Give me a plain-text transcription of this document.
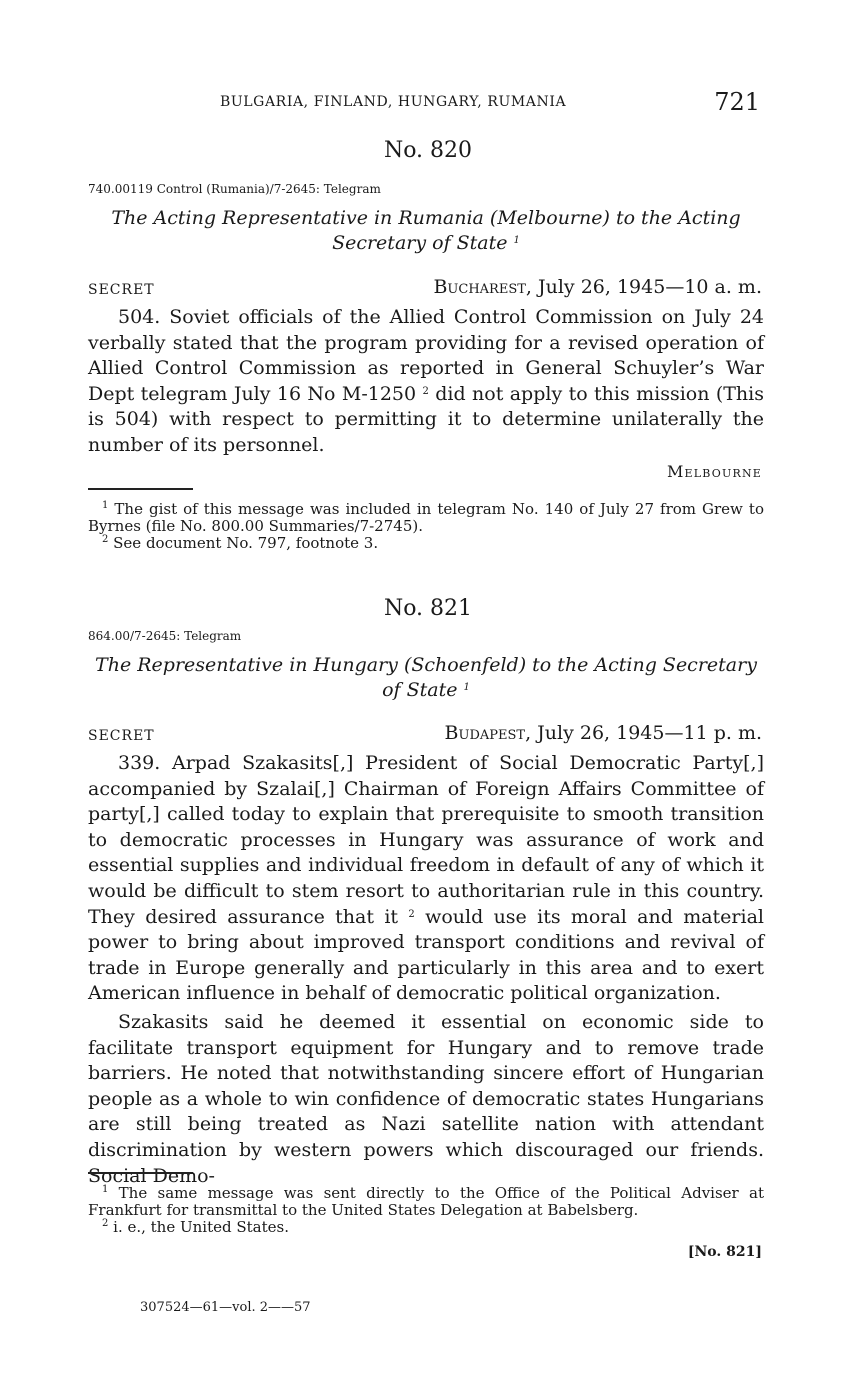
BULGARIA, FINLAND, HUNGARY, RUMANIA	721
No. 820
740.00119 Control (Rumania)/7-2645: Telegram
The Acting Representative in Rumania (Melbourne) to the Acting
Secretary of State $^1$
SECRET	Bucharest, July 26, 1945—10 a. m.

504. Soviet officials of the Allied Control Commission on July 24 verbally stated that the program providing for a revised operation of Allied Control Commission as reported in General Schuyler’s War Dept telegram July 16 No M-1250 $^2$ did not apply to this mission (This is 504) with respect to permitting it to determine unilaterally the number of its personnel.

Melbourne

$^1$ The gist of this message was included in telegram No. 140 of July 27 from Grew to Byrnes (file No. 800.00 Summaries/7-2745).

$^2$ See document No. 797, footnote 3.

No. 821
864.00/7-2645: Telegram
The Representative in Hungary (Schoenfeld) to the Acting Secretary
of State $^1$
SECRET	Budapest, July 26, 1945—11 p. m.

339. Arpad Szakasits[,] President of Social Democratic Party[,] accompanied by Szalai[,] Chairman of Foreign Affairs Committee of party[,] called today to explain that prerequisite to smooth transition to democratic processes in Hungary was assurance of work and essential supplies and individual freedom in default of any of which it would be difficult to stem resort to authoritarian rule in this country. They desired assurance that it $^2$ would use its moral and material power to bring about improved transport conditions and revival of trade in Europe generally and particularly in this area and to exert American influence in behalf of democratic political organization.

Szakasits said he deemed it essential on economic side to facilitate transport equipment for Hungary and to remove trade barriers. He noted that notwithstanding sincere effort of Hungarian people as a whole to win confidence of democratic states Hungarians are still being treated as Nazi satellite nation with attendant discrimination by western powers which discouraged our friends. Social Demo-

$^1$ The same message was sent directly to the Office of the Political Adviser at Frankfurt for transmittal to the United States Delegation at Babelsberg.

$^2$ i. e., the United States.

[No. 821]
307524—61—vol. 2——57
